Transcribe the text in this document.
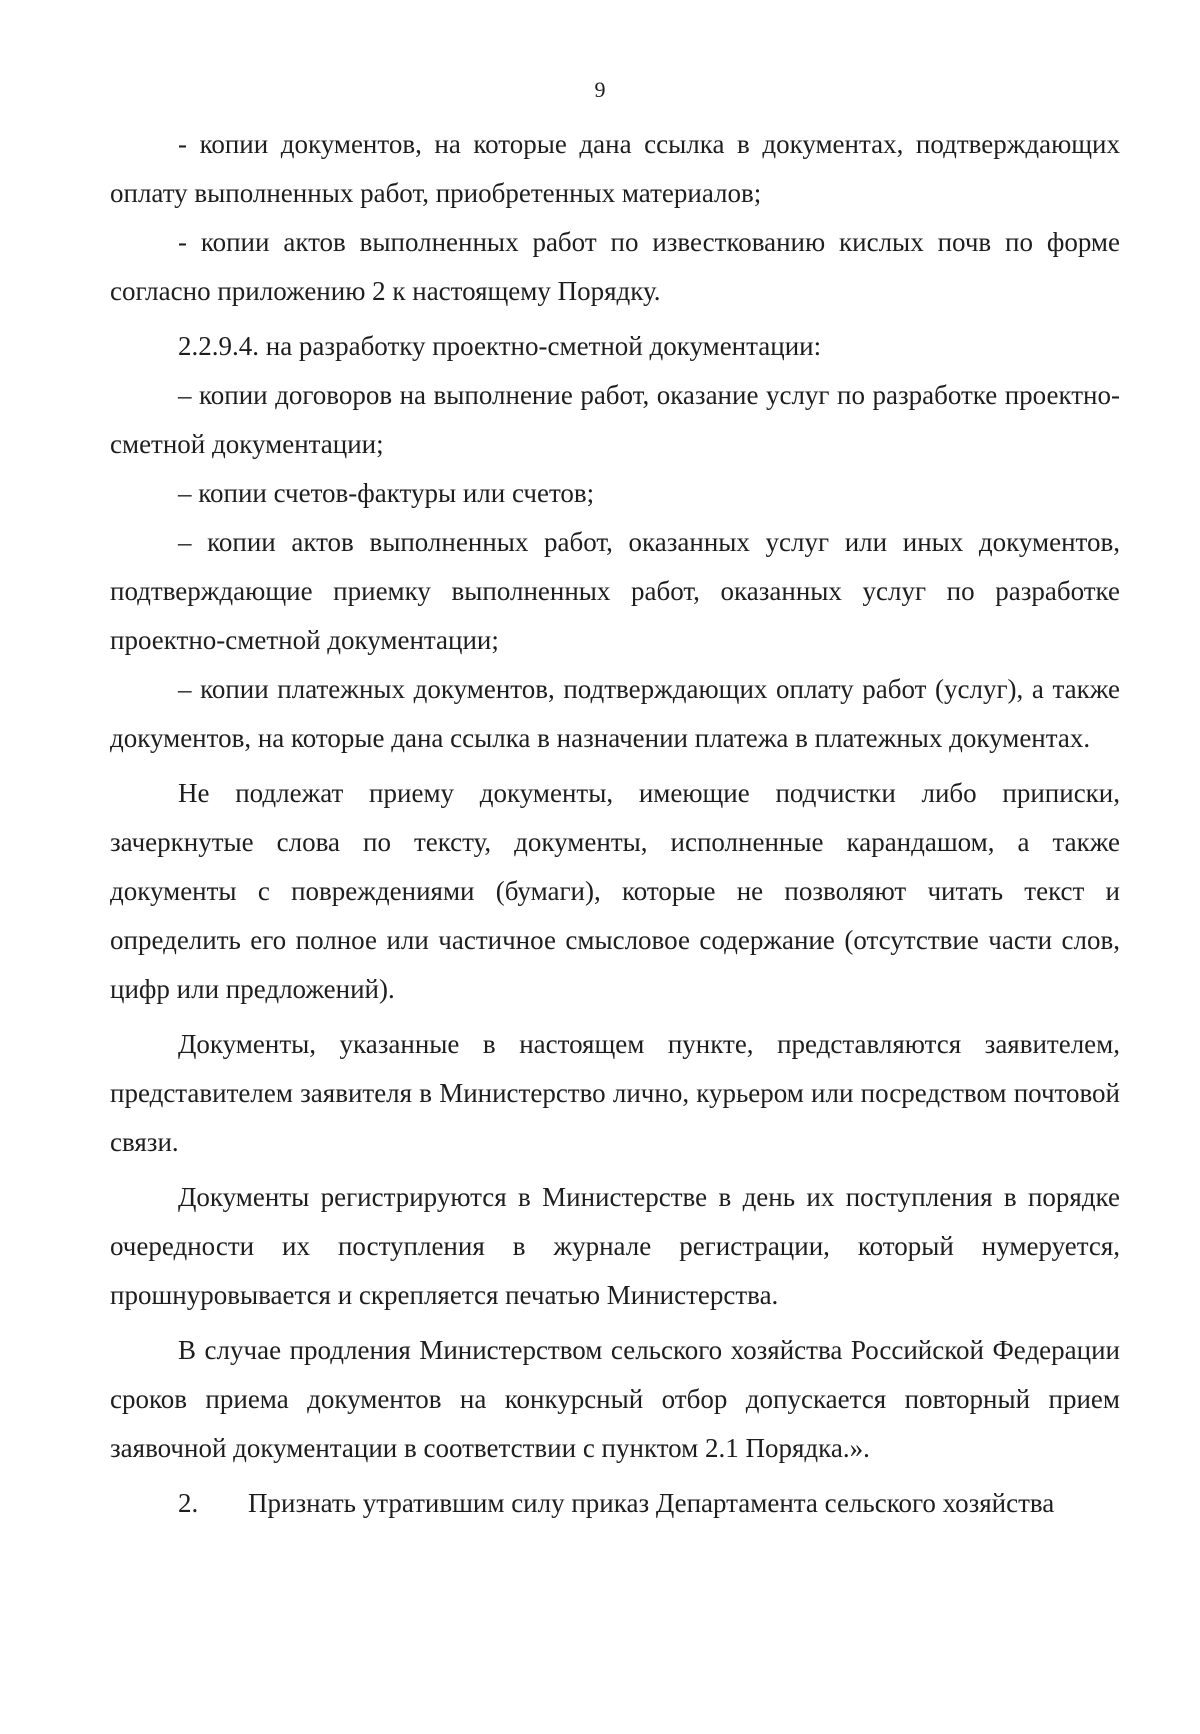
9

- копии документов, на которые дана ссылка в документах, подтверждающих оплату выполненных работ, приобретенных материалов;

- копии актов выполненных работ по известкованию кислых почв по форме согласно приложению 2 к настоящему Порядку.

2.2.9.4. на разработку проектно-сметной документации:

– копии договоров на выполнение работ, оказание услуг по разработке проектно-сметной документации;

– копии счетов-фактуры или счетов;

– копии актов выполненных работ, оказанных услуг или иных документов, подтверждающие приемку выполненных работ, оказанных услуг по разработке проектно-сметной документации;

– копии платежных документов, подтверждающих оплату работ (услуг), а также документов, на которые дана ссылка в назначении платежа в платежных документах.

Не подлежат приему документы, имеющие подчистки либо приписки, зачеркнутые слова по тексту, документы, исполненные карандашом, а также документы с повреждениями (бумаги), которые не позволяют читать текст и определить его полное или частичное смысловое содержание (отсутствие части слов, цифр или предложений).

Документы, указанные в настоящем пункте, представляются заявителем, представителем заявителя в Министерство лично, курьером или посредством почтовой связи.

Документы регистрируются в Министерстве в день их поступления в порядке очередности их поступления в журнале регистрации, который нумеруется, прошнуровывается и скрепляется печатью Министерства.

В случае продления Министерством сельского хозяйства Российской Федерации сроков приема документов на конкурсный отбор допускается повторный прием заявочной документации в соответствии с пунктом 2.1 Порядка.».

2. Признать утратившим силу приказ Департамента сельского хозяйства
